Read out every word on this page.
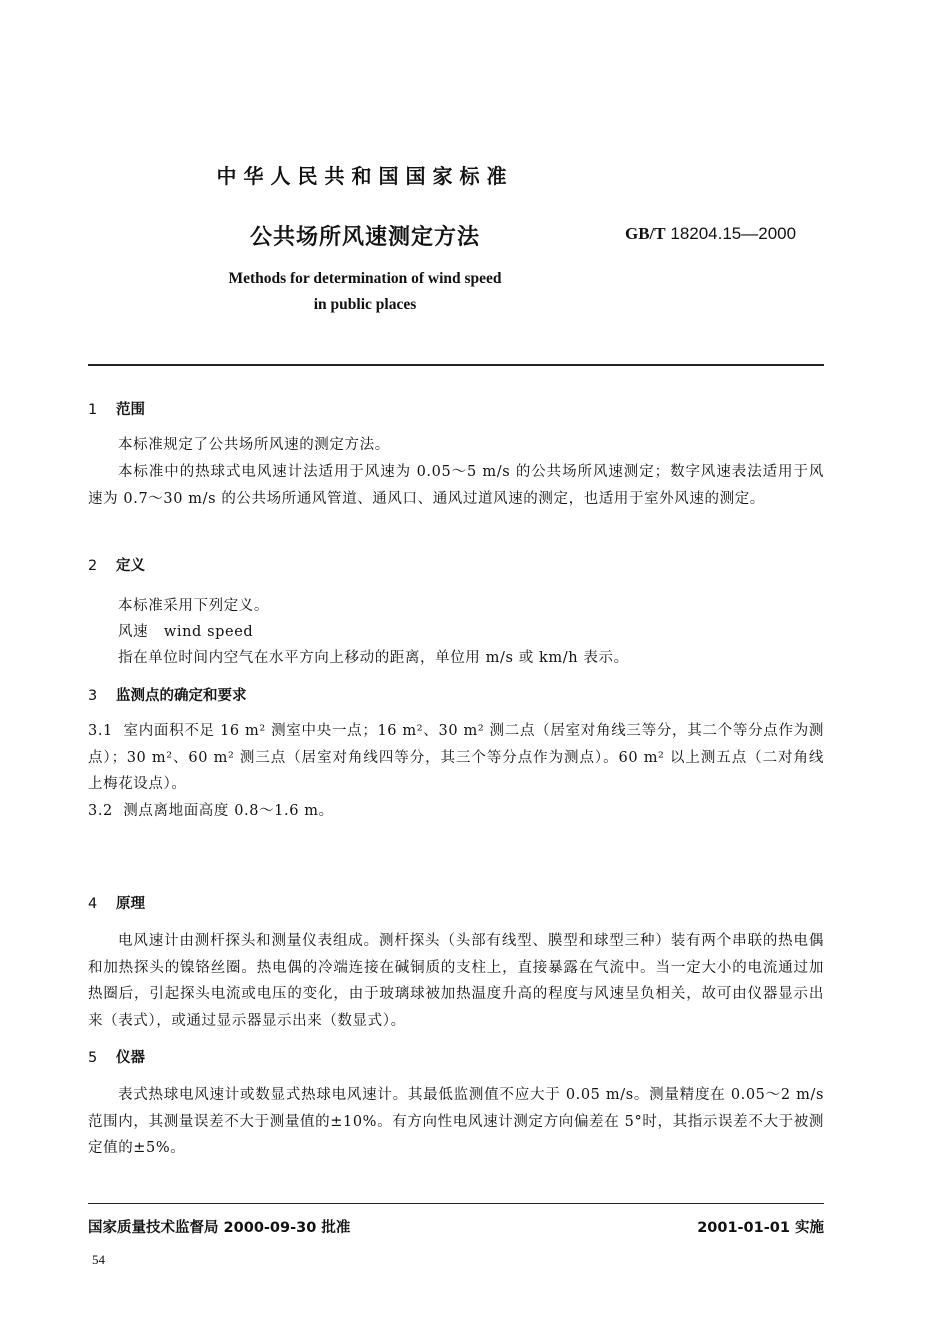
中华人民共和国国家标准
公共场所风速测定方法	GB/T 18204.15—2000
Methods for determination of wind speed
in public places
1 范围
本标准规定了公共场所风速的测定方法。
本标准中的热球式电风速计法适用于风速为 0.05～5 m/s 的公共场所风速测定；数字风速表法适用于风速为 0.7～30 m/s 的公共场所通风管道、通风口、通风过道风速的测定，也适用于室外风速的测定。
2 定义
本标准采用下列定义。
风速 wind speed
指在单位时间内空气在水平方向上移动的距离，单位用 m/s 或 km/h 表示。
3 监测点的确定和要求
3.1 室内面积不足 16 m² 测室中央一点；16 m²、30 m² 测二点（居室对角线三等分，其二个等分点作为测点）；30 m²、60 m² 测三点（居室对角线四等分，其三个等分点作为测点）。60 m² 以上测五点（二对角线上梅花设点）。
3.2 测点离地面高度 0.8～1.6 m。
4 原理
电风速计由测杆探头和测量仪表组成。测杆探头（头部有线型、膜型和球型三种）装有两个串联的热电偶和加热探头的镍铬丝圈。热电偶的冷端连接在碱铜质的支柱上，直接暴露在气流中。当一定大小的电流通过加热圈后，引起探头电流或电压的变化，由于玻璃球被加热温度升高的程度与风速呈负相关，故可由仪器显示出来（表式），或通过显示器显示出来（数显式）。
5 仪器
表式热球电风速计或数显式热球电风速计。其最低监测值不应大于 0.05 m/s。测量精度在 0.05～2 m/s 范围内，其测量误差不大于测量值的±10%。有方向性电风速计测定方向偏差在 5°时，其指示误差不大于被测定值的±5%。
国家质量技术监督局 2000-09-30 批准	2001-01-01 实施
54
